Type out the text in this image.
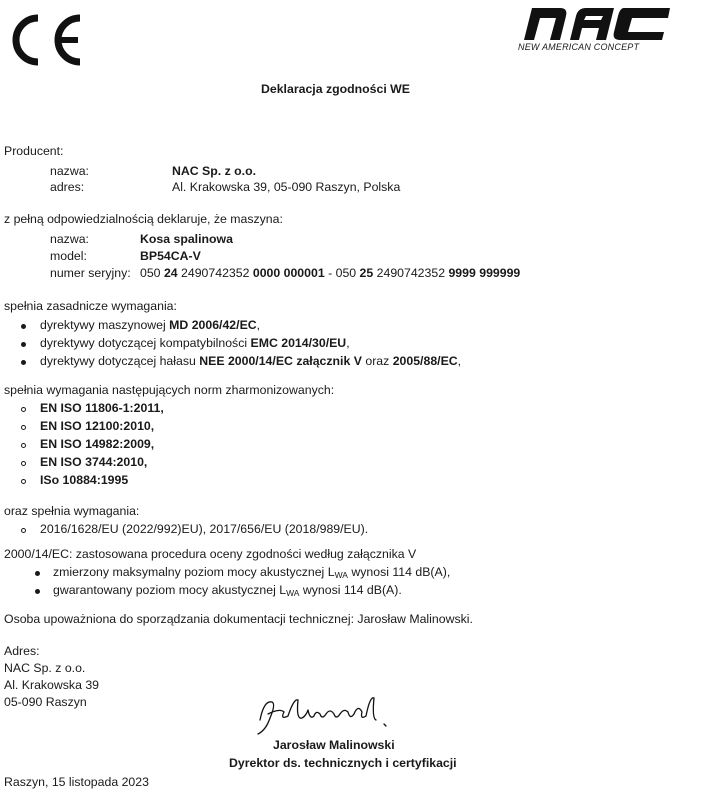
NEW AMERICAN CONCEPT
Deklaracja zgodności WE
Producent:
nazwa:	NAC Sp. z o.o.
adres:	Al. Krakowska 39, 05-090 Raszyn, Polska
z pełną odpowiedzialnością deklaruje, że maszyna:
nazwa:	Kosa spalinowa
model:	BP54CA-V
numer seryjny: 050 24 2490742352 0000 000001 - 050 25 2490742352 9999 999999
spełnia zasadnicze wymagania:
dyrektywy maszynowej MD 2006/42/EC,
dyrektywy dotyczącej kompatybilności EMC 2014/30/EU,
dyrektywy dotyczącej hałasu NEE 2000/14/EC załącznik V oraz 2005/88/EC,
spełnia wymagania następujących norm zharmonizowanych:
EN ISO 11806-1:2011,
EN ISO 12100:2010,
EN ISO 14982:2009,
EN ISO 3744:2010,
ISo 10884:1995
oraz spełnia wymagania:
2016/1628/EU (2022/992)EU), 2017/656/EU (2018/989/EU).
2000/14/EC: zastosowana procedura oceny zgodności według załącznika V
zmierzony maksymalny poziom mocy akustycznej LWA wynosi 114 dB(A),
gwarantowany poziom mocy akustycznej LWA wynosi 114 dB(A).
Osoba upoważniona do sporządzania dokumentacji technicznej: Jarosław Malinowski.
Adres:
NAC Sp. z o.o.
Al. Krakowska 39
05-090 Raszyn
Jarosław Malinowski
Dyrektor ds. technicznych i certyfikacji
Raszyn, 15 listopada 2023
